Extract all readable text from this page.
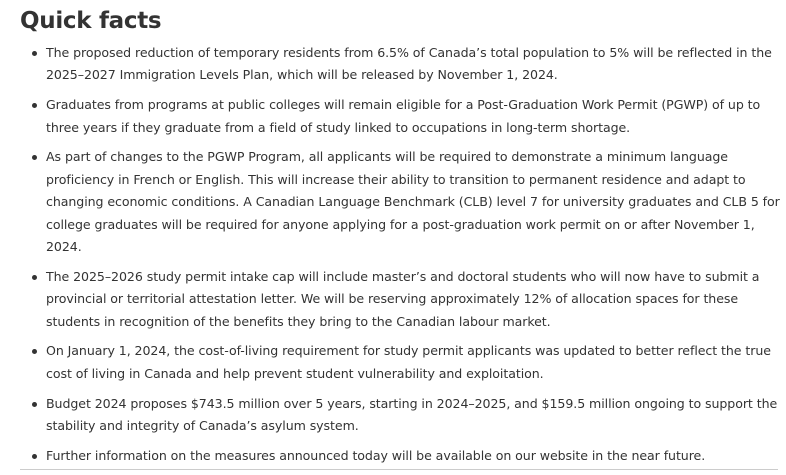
Quick facts
The proposed reduction of temporary residents from 6.5% of Canada’s total population to 5% will be reflected in the 2025–2027 Immigration Levels Plan, which will be released by November 1, 2024.
Graduates from programs at public colleges will remain eligible for a Post-Graduation Work Permit (PGWP) of up to three years if they graduate from a field of study linked to occupations in long-term shortage.
As part of changes to the PGWP Program, all applicants will be required to demonstrate a minimum language proficiency in French or English. This will increase their ability to transition to permanent residence and adapt to changing economic conditions. A Canadian Language Benchmark (CLB) level 7 for university graduates and CLB 5 for college graduates will be required for anyone applying for a post-graduation work permit on or after November 1, 2024.
The 2025–2026 study permit intake cap will include master’s and doctoral students who will now have to submit a provincial or territorial attestation letter. We will be reserving approximately 12% of allocation spaces for these students in recognition of the benefits they bring to the Canadian labour market.
On January 1, 2024, the cost-of-living requirement for study permit applicants was updated to better reflect the true cost of living in Canada and help prevent student vulnerability and exploitation.
Budget 2024 proposes $743.5 million over 5 years, starting in 2024–2025, and $159.5 million ongoing to support the stability and integrity of Canada’s asylum system.
Further information on the measures announced today will be available on our website in the near future.
